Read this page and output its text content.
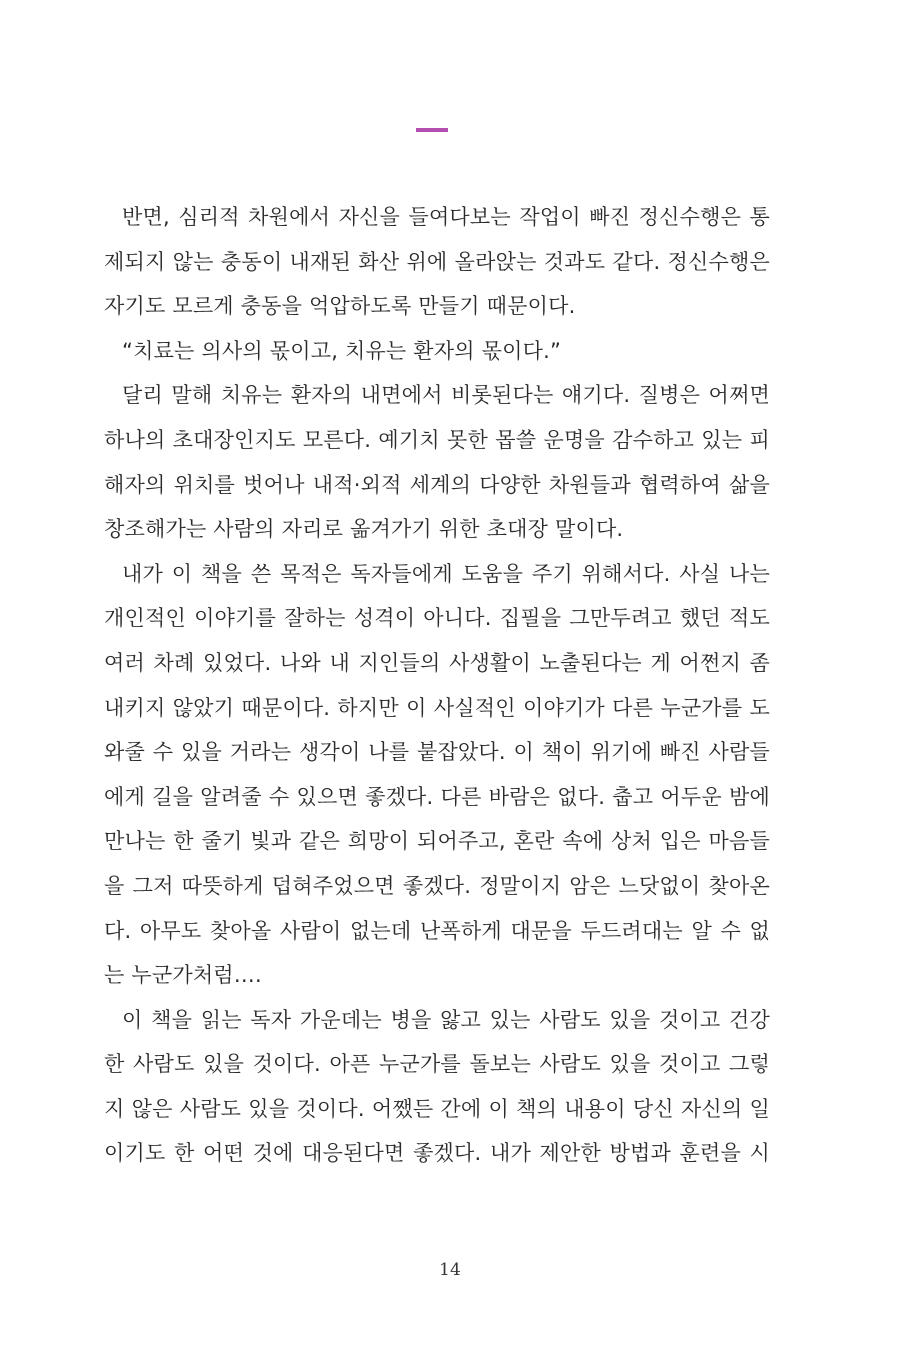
반면, 심리적 차원에서 자신을 들여다보는 작업이 빠진 정신수행은 통
제되지 않는 충동이 내재된 화산 위에 올라앉는 것과도 같다. 정신수행은
자기도 모르게 충동을 억압하도록 만들기 때문이다.
“치료는 의사의 몫이고, 치유는 환자의 몫이다.”
달리 말해 치유는 환자의 내면에서 비롯된다는 얘기다. 질병은 어쩌면
하나의 초대장인지도 모른다. 예기치 못한 몹쓸 운명을 감수하고 있는 피
해자의 위치를 벗어나 내적·외적 세계의 다양한 차원들과 협력하여 삶을
창조해가는 사람의 자리로 옮겨가기 위한 초대장 말이다.
내가 이 책을 쓴 목적은 독자들에게 도움을 주기 위해서다. 사실 나는
개인적인 이야기를 잘하는 성격이 아니다. 집필을 그만두려고 했던 적도
여러 차례 있었다. 나와 내 지인들의 사생활이 노출된다는 게 어쩐지 좀
내키지 않았기 때문이다. 하지만 이 사실적인 이야기가 다른 누군가를 도
와줄 수 있을 거라는 생각이 나를 붙잡았다. 이 책이 위기에 빠진 사람들
에게 길을 알려줄 수 있으면 좋겠다. 다른 바람은 없다. 춥고 어두운 밤에
만나는 한 줄기 빛과 같은 희망이 되어주고, 혼란 속에 상처 입은 마음들
을 그저 따뜻하게 덥혀주었으면 좋겠다. 정말이지 암은 느닷없이 찾아온
다. 아무도 찾아올 사람이 없는데 난폭하게 대문을 두드려대는 알 수 없
는 누군가처럼….
이 책을 읽는 독자 가운데는 병을 앓고 있는 사람도 있을 것이고 건강
한 사람도 있을 것이다. 아픈 누군가를 돌보는 사람도 있을 것이고 그렇
지 않은 사람도 있을 것이다. 어쨌든 간에 이 책의 내용이 당신 자신의 일
이기도 한 어떤 것에 대응된다면 좋겠다. 내가 제안한 방법과 훈련을 시
14
